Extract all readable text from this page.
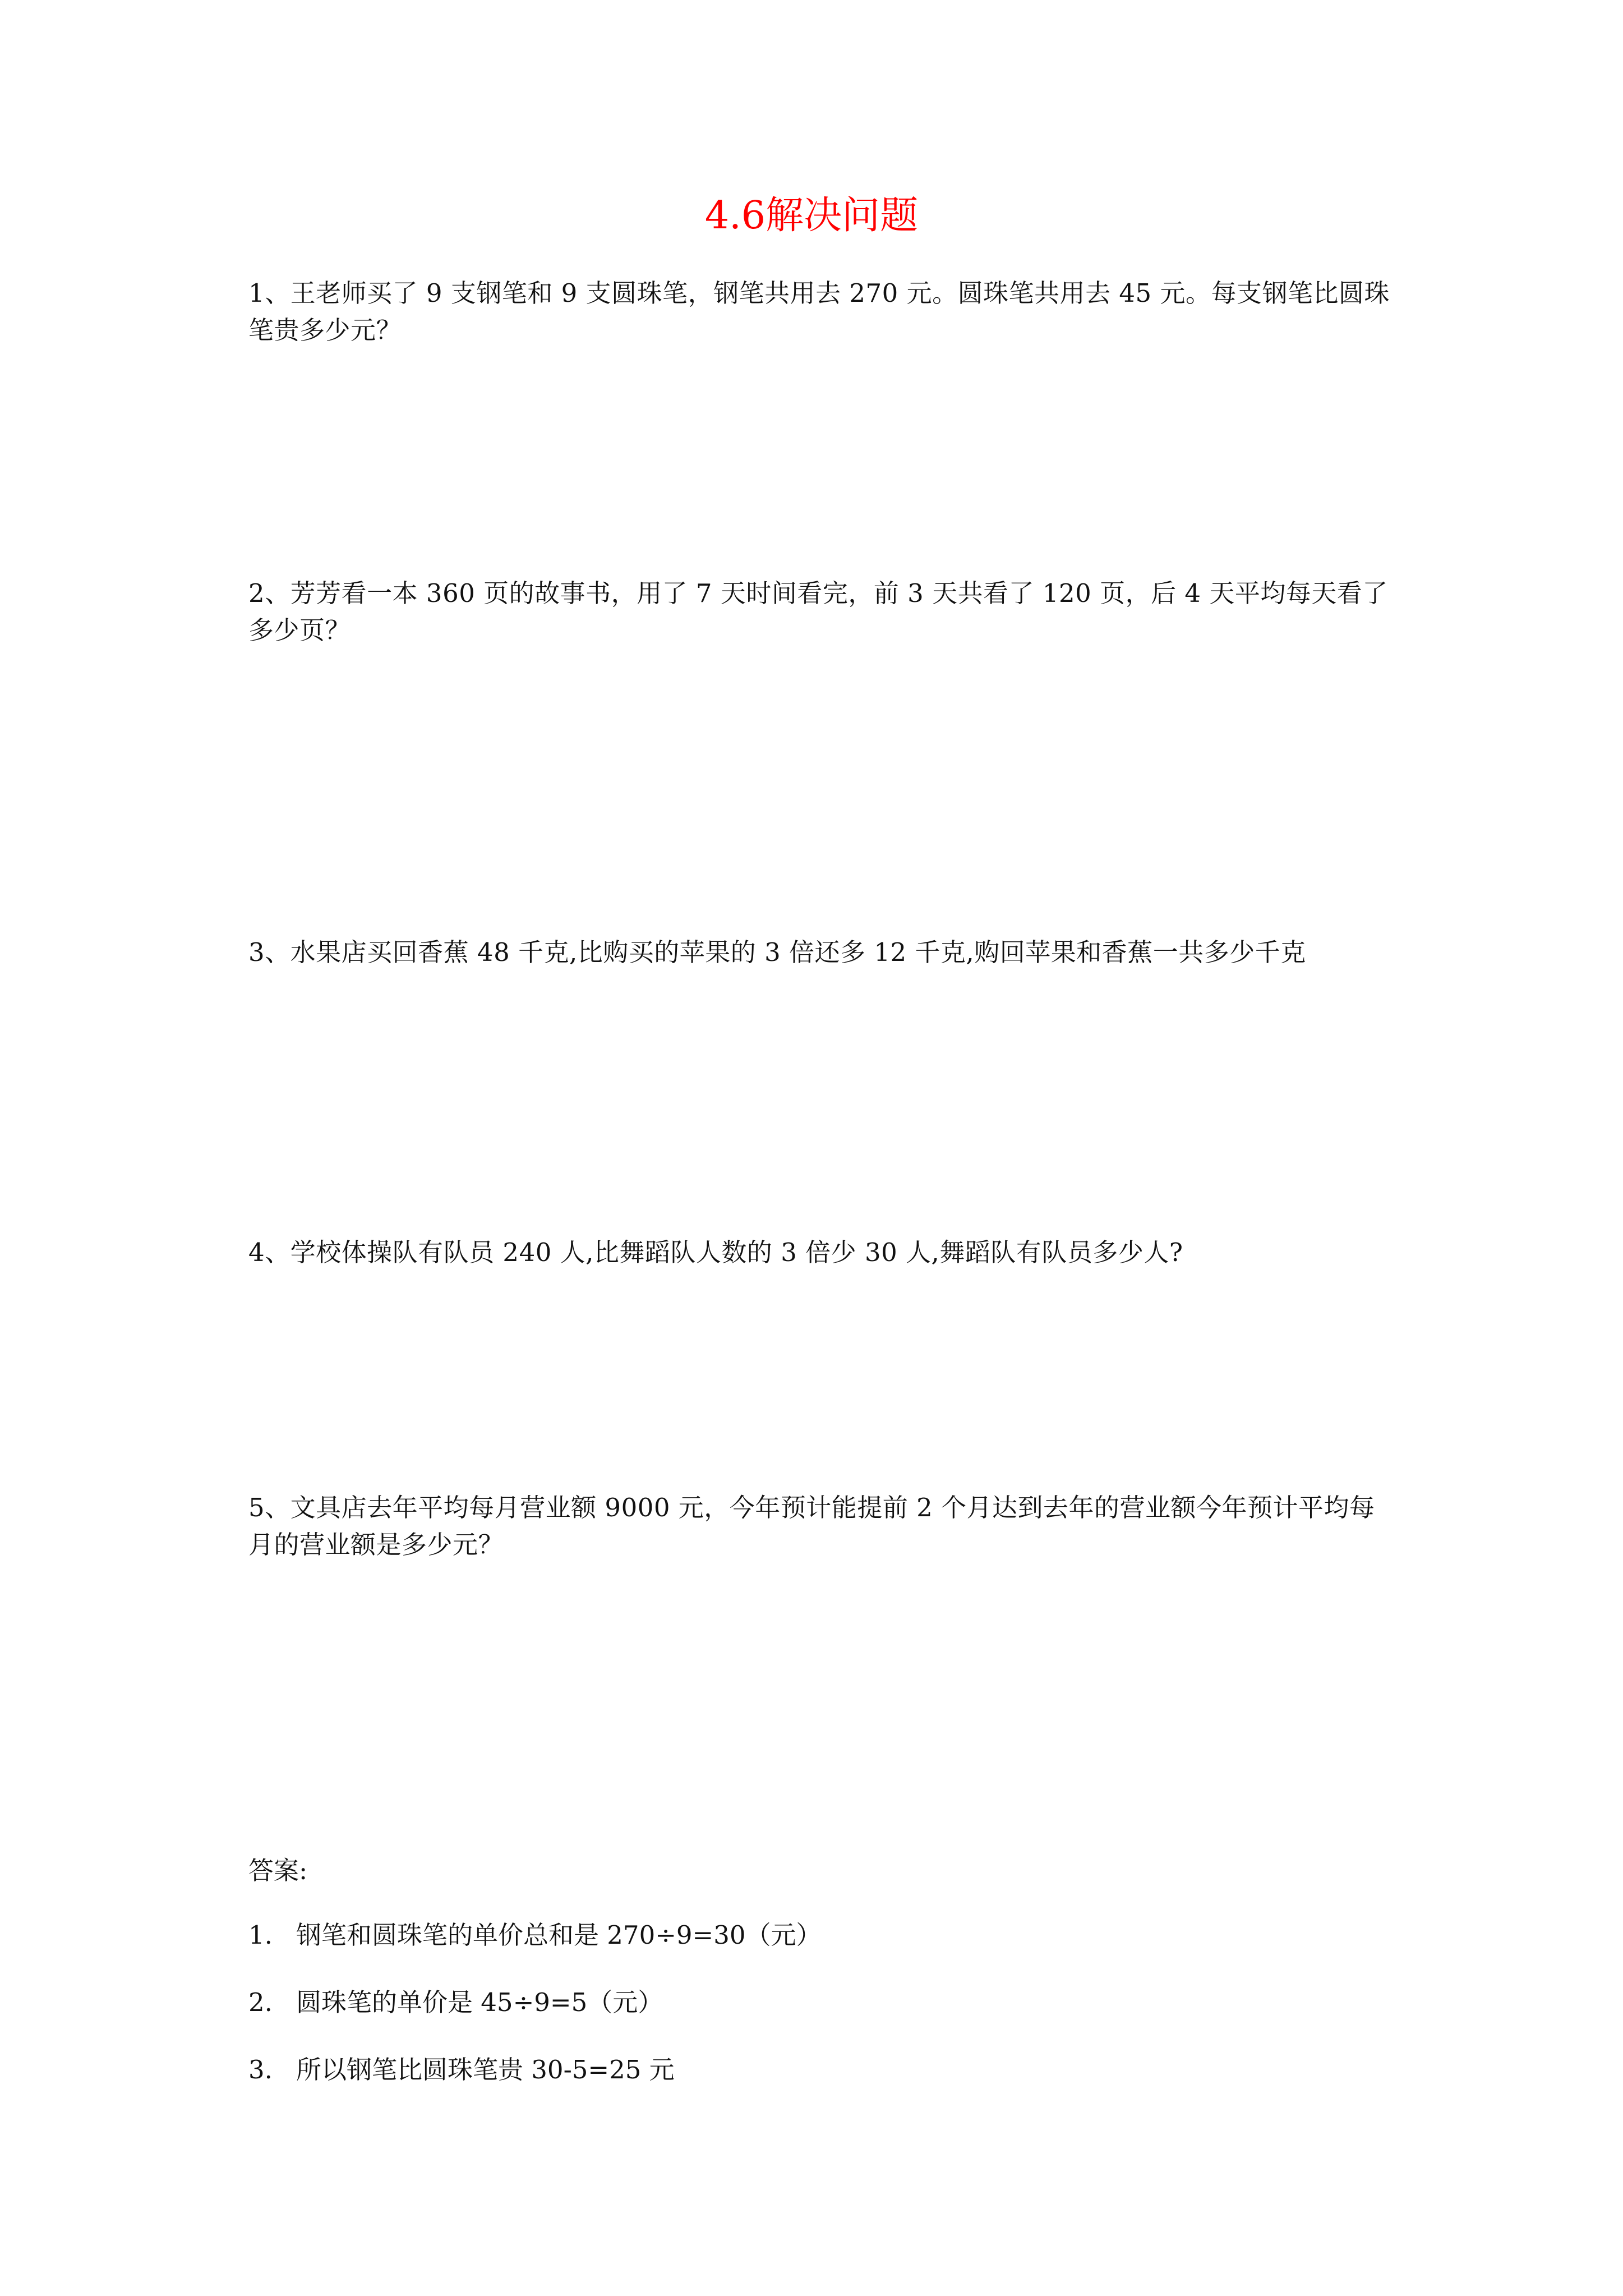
4.6解决问题
1、王老师买了 9 支钢笔和 9 支圆珠笔，钢笔共用去 270 元。圆珠笔共用去 45 元。每支钢笔比圆珠笔贵多少元？
2、芳芳看一本 360 页的故事书，用了 7 天时间看完，前 3 天共看了 120 页，后 4 天平均每天看了多少页？
3、水果店买回香蕉 48 千克,比购买的苹果的 3 倍还多 12 千克,购回苹果和香蕉一共多少千克
4、学校体操队有队员 240 人,比舞蹈队人数的 3 倍少 30 人,舞蹈队有队员多少人?
5、文具店去年平均每月营业额 9000 元，今年预计能提前 2 个月达到去年的营业额今年预计平均每月的营业额是多少元？
答案:
1. 钢笔和圆珠笔的单价总和是 270÷9=30（元）
2. 圆珠笔的单价是 45÷9=5（元）
3. 所以钢笔比圆珠笔贵 30-5=25 元
